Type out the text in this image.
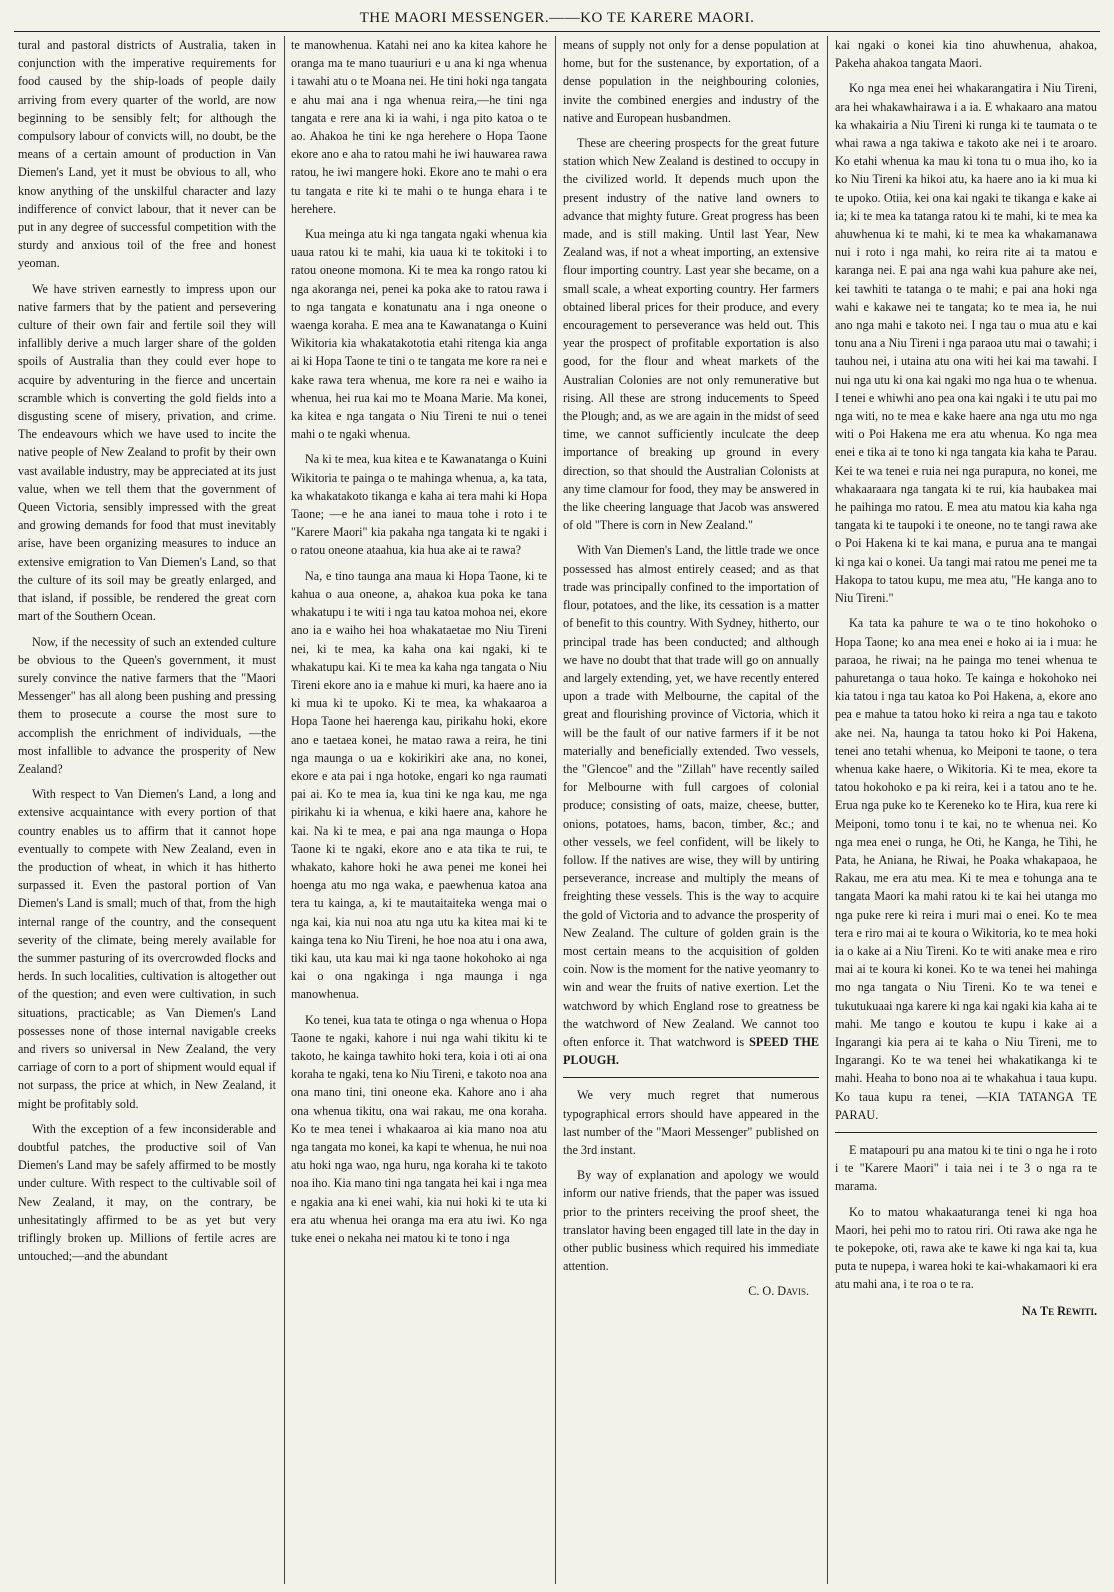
THE MAORI MESSENGER.——KO TE KARERE MAORI.

tural and pastoral districts of Australia, taken in conjunction with the imperative requirements for food caused by the ship-loads of people daily arriving from every quarter of the world, are now beginning to be sensibly felt; for although the compulsory labour of convicts will, no doubt, be the means of a certain amount of production in Van Diemen's Land, yet it must be obvious to all, who know anything of the unskilful character and lazy indifference of convict labour, that it never can be put in any degree of successful competition with the sturdy and anxious toil of the free and honest yeoman.

We have striven earnestly to impress upon our native farmers that by the patient and persevering culture of their own fair and fertile soil they will infallibly derive a much larger share of the golden spoils of Australia than they could ever hope to acquire by adventuring in the fierce and uncertain scramble which is converting the gold fields into a disgusting scene of misery, privation, and crime. The endeavours which we have used to incite the native people of New Zealand to profit by their own vast available industry, may be appreciated at its just value, when we tell them that the government of Queen Victoria, sensibly impressed with the great and growing demands for food that must inevitably arise, have been organizing measures to induce an extensive emigration to Van Diemen's Land, so that the culture of its soil may be greatly enlarged, and that island, if possible, be rendered the great corn mart of the Southern Ocean.

Now, if the necessity of such an extended culture be obvious to the Queen's government, it must surely convince the native farmers that the "Maori Messenger" has all along been pushing and pressing them to prosecute a course the most sure to accomplish the enrichment of individuals, —the most infallible to advance the prosperity of New Zealand?

With respect to Van Diemen's Land, a long and extensive acquaintance with every portion of that country enables us to affirm that it cannot hope eventually to compete with New Zealand, even in the production of wheat, in which it has hitherto surpassed it. Even the pastoral portion of Van Diemen's Land is small; much of that, from the high internal range of the country, and the consequent severity of the climate, being merely available for the summer pasturing of its overcrowded flocks and herds. In such localities, cultivation is altogether out of the question; and even were cultivation, in such situations, practicable; as Van Diemen's Land possesses none of those internal navigable creeks and rivers so universal in New Zealand, the very carriage of corn to a port of shipment would equal if not surpass, the price at which, in New Zealand, it might be profitably sold.

With the exception of a few inconsiderable and doubtful patches, the productive soil of Van Diemen's Land may be safely affirmed to be mostly under culture. With respect to the cultivable soil of New Zealand, it may, on the contrary, be unhesitatingly affirmed to be as yet but very triflingly broken up. Millions of fertile acres are untouched;—and the abundant

te manowhenua. Katahi nei ano ka kitea kahore he oranga ma te mano tuauriuri e u ana ki nga whenua i tawahi atu o te Moana nei. He tini hoki nga tangata e ahu mai ana i nga whenua reira,—he tini nga tangata e rere ana ki ia wahi, i nga pito katoa o te ao. Ahakoa he tini ke nga herehere o Hopa Taone ekore ano e aha to ratou mahi he iwi hauwarea rawa ratou, he iwi mangere hoki. Ekore ano te mahi o era tu tangata e rite ki te mahi o te hunga ehara i te herehere.

Kua meinga atu ki nga tangata ngaki whenua kia uaua ratou ki te mahi, kia uaua ki te tokitoki i to ratou oneone momona. Ki te mea ka rongo ratou ki nga akoranga nei, penei ka poka ake to ratou rawa i to nga tangata e konatunatu ana i nga oneone o waenga koraha. E mea ana te Kawanatanga o Kuini Wikitoria kia whakatakototia etahi ritenga kia anga ai ki Hopa Taone te tini o te tangata me kore ra nei e kake rawa tera whenua, me kore ra nei e waiho ia whenua, hei rua kai mo te Moana Marie. Ma konei, ka kitea e nga tangata o Niu Tireni te nui o tenei mahi o te ngaki whenua.

Na ki te mea, kua kitea e te Kawanatanga o Kuini Wikitoria te painga o te mahinga whenua, a, ka tata, ka whakatakoto tikanga e kaha ai tera mahi ki Hopa Taone; —e he ana ianei to maua tohe i roto i te "Karere Maori" kia pakaha nga tangata ki te ngaki i o ratou oneone ataahua, kia hua ake ai te rawa?

Na, e tino taunga ana maua ki Hopa Taone, ki te kahua o aua oneone, a, ahakoa kua poka ke tana whakatupu i te witi i nga tau katoa mohoa nei, ekore ano ia e waiho hei hoa whakataetae mo Niu Tireni nei, ki te mea, ka kaha ona kai ngaki, ki te whakatupu kai. Ki te mea ka kaha nga tangata o Niu Tireni ekore ano ia e mahue ki muri, ka haere ano ia ki mua ki te upoko. Ki te mea, ka whakaaroa a Hopa Taone hei haerenga kau, pirikahu hoki, ekore ano e taetaea konei, he matao rawa a reira, he tini nga maunga o ua e kokirikiri ake ana, no konei, ekore e ata pai i nga hotoke, engari ko nga raumati pai ai. Ko te mea ia, kua tini ke nga kau, me nga pirikahu ki ia whenua, e kiki haere ana, kahore he kai. Na ki te mea, e pai ana nga maunga o Hopa Taone ki te ngaki, ekore ano e ata tika te rui, te whakato, kahore hoki he awa penei me konei hei hoenga atu mo nga waka, e paewhenua katoa ana tera tu kainga, a, ki te mautaitaiteka wenga mai o nga kai, kia nui noa atu nga utu ka kitea mai ki te kainga tena ko Niu Tireni, he hoe noa atu i ona awa, tiki kau, uta kau mai ki nga taone hokohoko ai nga kai o ona ngakinga i nga maunga i nga manowhenua.

Ko tenei, kua tata te otinga o nga whenua o Hopa Taone te ngaki, kahore i nui nga wahi tikitu ki te takoto, he kainga tawhito hoki tera, koia i oti ai ona koraha te ngaki, tena ko Niu Tireni, e takoto noa ana ona mano tini, tini oneone eka. Kahore ano i aha ona whenua tikitu, ona wai rakau, me ona koraha. Ko te mea tenei i whakaaroa ai kia mano noa atu nga tangata mo konei, ka kapi te whenua, he nui noa atu hoki nga wao, nga huru, nga koraha ki te takoto noa iho. Kia mano tini nga tangata hei kai i nga mea e ngakia ana ki enei wahi, kia nui hoki ki te uta ki era atu whenua hei oranga ma era atu iwi. Ko nga tuke enei o nekaha nei matou ki te tono i nga

means of supply not only for a dense population at home, but for the sustenance, by exportation, of a dense population in the neighbouring colonies, invite the combined energies and industry of the native and European husbandmen.

These are cheering prospects for the great future station which New Zealand is destined to occupy in the civilized world. It depends much upon the present industry of the native land owners to advance that mighty future. Great progress has been made, and is still making. Until last Year, New Zealand was, if not a wheat importing, an extensive flour importing country. Last year she became, on a small scale, a wheat exporting country. Her farmers obtained liberal prices for their produce, and every encouragement to perseverance was held out. This year the prospect of profitable exportation is also good, for the flour and wheat markets of the Australian Colonies are not only remunerative but rising. All these are strong inducements to Speed the Plough; and, as we are again in the midst of seed time, we cannot sufficiently inculcate the deep importance of breaking up ground in every direction, so that should the Australian Colonists at any time clamour for food, they may be answered in the like cheering language that Jacob was answered of old "There is corn in New Zealand."

With Van Diemen's Land, the little trade we once possessed has almost entirely ceased; and as that trade was principally confined to the importation of flour, potatoes, and the like, its cessation is a matter of benefit to this country. With Sydney, hitherto, our principal trade has been conducted; and although we have no doubt that that trade will go on annually and largely extending, yet, we have recently entered upon a trade with Melbourne, the capital of the great and flourishing province of Victoria, which it will be the fault of our native farmers if it be not materially and beneficially extended. Two vessels, the "Glencoe" and the "Zillah" have recently sailed for Melbourne with full cargoes of colonial produce; consisting of oats, maize, cheese, butter, onions, potatoes, hams, bacon, timber, &c.; and other vessels, we feel confident, will be likely to follow. If the natives are wise, they will by untiring perseverance, increase and multiply the means of freighting these vessels. This is the way to acquire the gold of Victoria and to advance the prosperity of New Zealand. The culture of golden grain is the most certain means to the acquisition of golden coin. Now is the moment for the native yeomanry to win and wear the fruits of native exertion. Let the watchword by which England rose to greatness be the watchword of New Zealand. We cannot too often enforce it. That watchword is SPEED THE PLOUGH.

We very much regret that numerous typographical errors should have appeared in the last number of the "Maori Messenger" published on the 3rd instant.

By way of explanation and apology we would inform our native friends, that the paper was issued prior to the printers receiving the proof sheet, the translator having been engaged till late in the day in other public business which required his immediate attention.

C. O. Davis.

kai ngaki o konei kia tino ahuwhenua, ahakoa, Pakeha ahakoa tangata Maori.

Ko nga mea enei hei whakarangatira i Niu Tireni, ara hei whakawhairawa i a ia. E whakaaro ana matou ka whakairia a Niu Tireni ki runga ki te taumata o te whai rawa a nga takiwa e takoto ake nei i te aroaro. Ko etahi whenua ka mau ki tona tu o mua iho, ko ia ko Niu Tireni ka hikoi atu, ka haere ano ia ki mua ki te upoko. Otiia, kei ona kai ngaki te tikanga e kake ai ia; ki te mea ka tatanga ratou ki te mahi, ki te mea ka ahuwhenua ki te mahi, ki te mea ka whakamanawa nui i roto i nga mahi, ko reira rite ai ta matou e karanga nei. E pai ana nga wahi kua pahure ake nei, kei tawhiti te tatanga o te mahi; e pai ana hoki nga wahi e kakawe nei te tangata; ko te mea ia, he nui ano nga mahi e takoto nei. I nga tau o mua atu e kai tonu ana a Niu Tireni i nga paraoa utu mai o tawahi; i tauhou nei, i utaina atu ona witi hei kai ma tawahi. I nui nga utu ki ona kai ngaki mo nga hua o te whenua. I tenei e whiwhi ano pea ona kai ngaki i te utu pai mo nga witi, no te mea e kake haere ana nga utu mo nga witi o Poi Hakena me era atu whenua. Ko nga mea enei e tika ai te tono ki nga tangata kia kaha te Parau. Kei te wa tenei e ruia nei nga purapura, no konei, me whakaaraara nga tangata ki te rui, kia haubakea mai he paihinga mo ratou. E mea atu matou kia kaha nga tangata ki te taupoki i te oneone, no te tangi rawa ake o Poi Hakena ki te kai mana, e purua ana te mangai ki nga kai o konei. Ua tangi mai ratou me penei me ta Hakopa to tatou kupu, me mea atu, "He kanga ano to Niu Tireni."

Ka tata ka pahure te wa o te tino hokohoko o Hopa Taone; ko ana mea enei e hoko ai ia i mua: he paraoa, he riwai; na he painga mo tenei whenua te pahuretanga o taua hoko. Te kainga e hokohoko nei kia tatou i nga tau katoa ko Poi Hakena, a, ekore ano pea e mahue ta tatou hoko ki reira a nga tau e takoto ake nei. Na, haunga ta tatou hoko ki Poi Hakena, tenei ano tetahi whenua, ko Meiponi te taone, o tera whenua kake haere, o Wikitoria. Ki te mea, ekore ta tatou hokohoko e pa ki reira, kei i a tatou ano te he. Erua nga puke ko te Kereneko ko te Hira, kua rere ki Meiponi, tomo tonu i te kai, no te whenua nei. Ko nga mea enei o runga, he Oti, he Kanga, he Tihi, he Pata, he Aniana, he Riwai, he Poaka whakapaoa, he Rakau, me era atu mea. Ki te mea e tohunga ana te tangata Maori ka mahi ratou ki te kai hei utanga mo nga puke rere ki reira i muri mai o enei. Ko te mea tera e riro mai ai te koura o Wikitoria, ko te mea hoki ia o kake ai a Niu Tireni. Ko te witi anake mea e riro mai ai te koura ki konei. Ko te wa tenei hei mahinga mo nga tangata o Niu Tireni. Ko te wa tenei e tukutukuaai nga karere ki nga kai ngaki kia kaha ai te mahi. Me tango e koutou te kupu i kake ai a Ingarangi kia pera ai te kaha o Niu Tireni, me to Ingarangi. Ko te wa tenei hei whakatikanga ki te mahi. Heaha to bono noa ai te whakahua i taua kupu. Ko taua kupu ra tenei, —KIA TATANGA TE PARAU.

E matapouri pu ana matou ki te tini o nga he i roto i te "Karere Maori" i taia nei i te 3 o nga ra te marama.

Ko to matou whakaaturanga tenei ki nga hoa Maori, hei pehi mo to ratou riri. Oti rawa ake nga he te pokepoke, oti, rawa ake te kawe ki nga kai ta, kua puta te nupepa, i warea hoki te kai-whakamaori ki era atu mahi ana, i te roa o te ra.

Na Te Rewiti.
